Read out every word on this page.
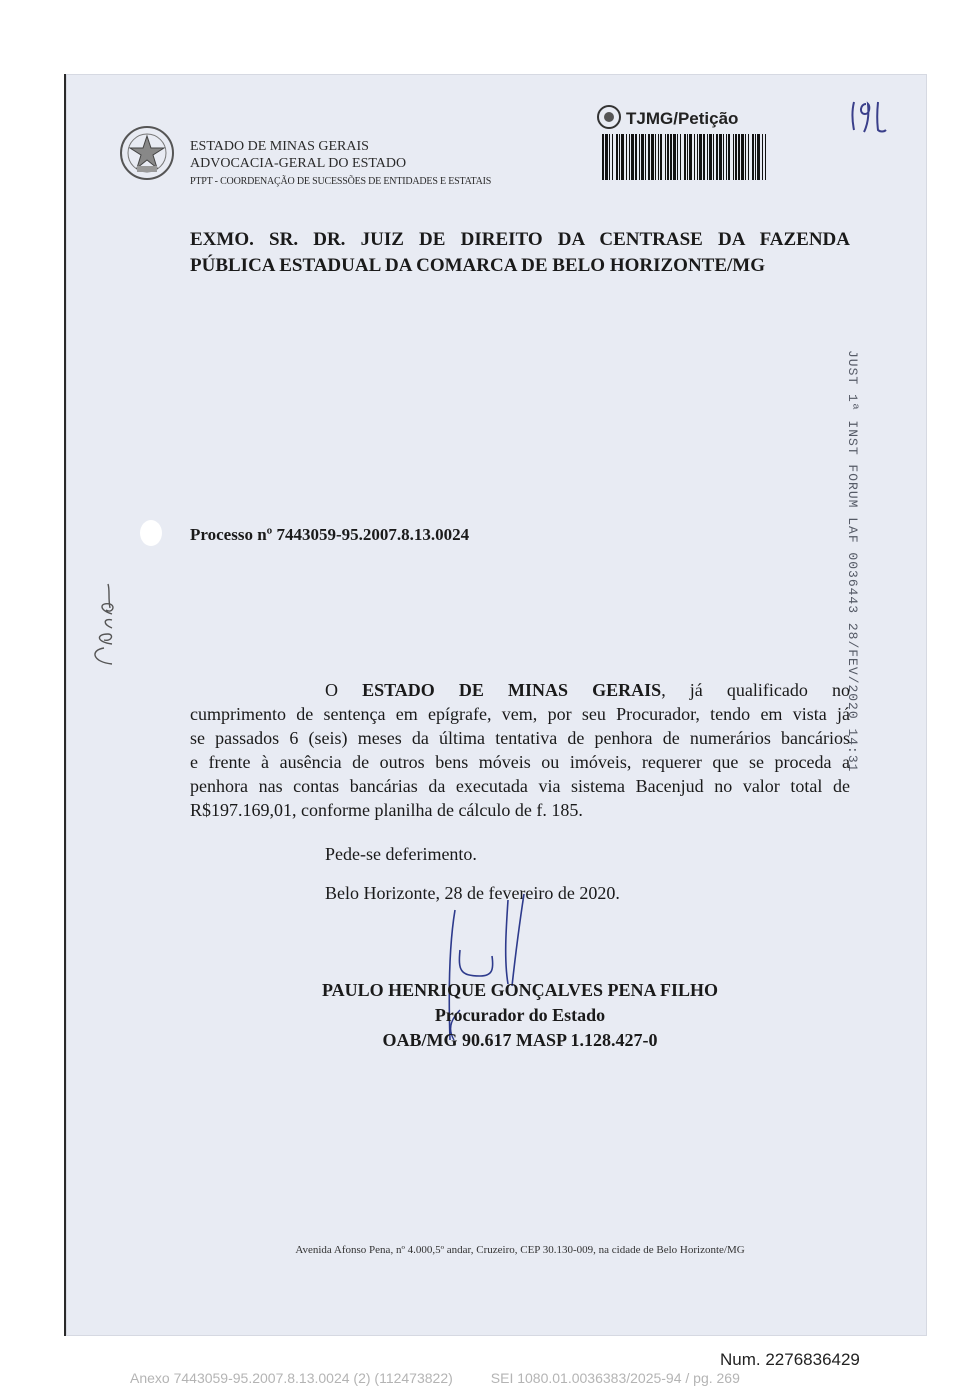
ESTADO DE MINAS GERAIS
ADVOCACIA-GERAL DO ESTADO
PTPT - COORDENAÇÃO DE SUCESSÕES DE ENTIDADES E ESTATAIS
TJMG/Petição
EXMO. SR. DR. JUIZ DE DIREITO DA CENTRASE DA FAZENDA
PÚBLICA ESTADUAL DA COMARCA DE BELO HORIZONTE/MG
JUST 1ª INST FORUM LAF 0036443 28/FEV/2020 14:31
Processo nº 7443059-95.2007.8.13.0024
O ESTADO DE MINAS GERAIS, já qualificado no
cumprimento de sentença em epígrafe, vem, por seu Procurador, tendo em vista já
se passados 6 (seis) meses da última tentativa de penhora de numerários bancários
e frente à ausência de outros bens móveis ou imóveis, requerer que se proceda a
penhora nas contas bancárias da executada via sistema Bacenjud no valor total de
R$197.169,01, conforme planilha de cálculo de f. 185.
Pede-se deferimento.
Belo Horizonte, 28 de fevereiro de 2020.
PAULO HENRIQUE GONÇALVES PENA FILHO
Procurador do Estado
OAB/MG 90.617 MASP 1.128.427-0
Avenida Afonso Pena, nº 4.000,5º andar, Cruzeiro, CEP 30.130-009, na cidade de Belo Horizonte/MG
Num. 2276836429
Anexo 7443059-95.2007.8.13.0024 (2) (112473822)	SEI 1080.01.0036383/2025-94 / pg. 269
